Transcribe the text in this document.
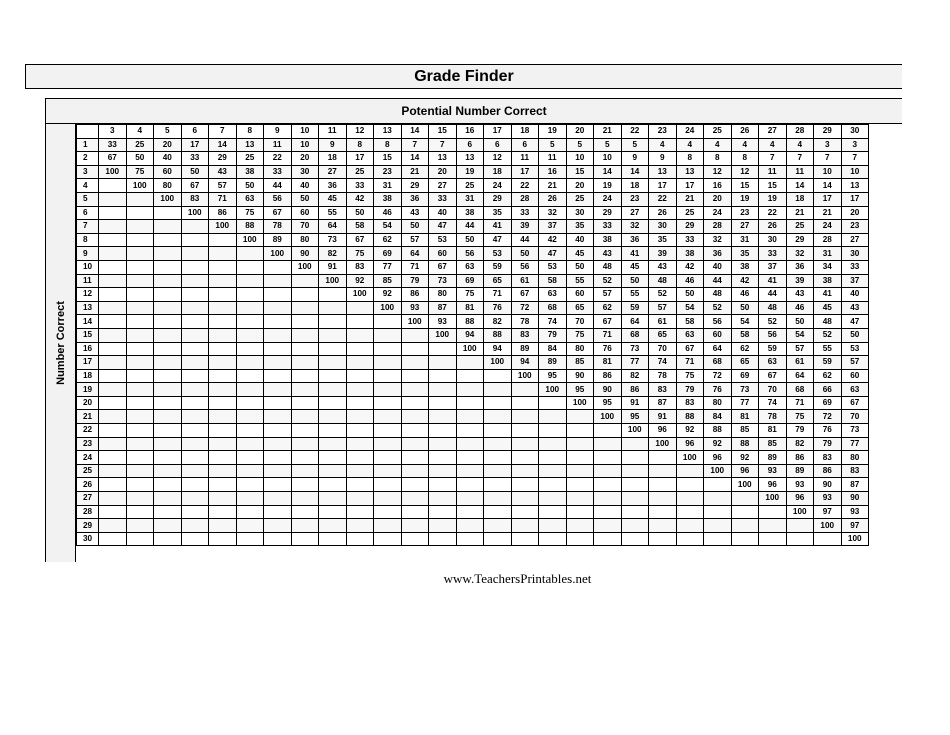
Grade Finder
Potential Number Correct
Number Correct
	3	4	5	6	7	8	9	10	11	12	13	14	15	16	17	18	19	20	21	22	23	24	25	26	27	28	29	30
1	33	25	20	17	14	13	11	10	9	8	8	7	7	6	6	6	5	5	5	5	4	4	4	4	4	4	3	3
2	67	50	40	33	29	25	22	20	18	17	15	14	13	13	12	11	11	10	10	9	9	8	8	8	7	7	7	7
3	100	75	60	50	43	38	33	30	27	25	23	21	20	19	18	17	16	15	14	14	13	13	12	12	11	11	10	10
4		100	80	67	57	50	44	40	36	33	31	29	27	25	24	22	21	20	19	18	17	17	16	15	15	14	14	13
5			100	83	71	63	56	50	45	42	38	36	33	31	29	28	26	25	24	23	22	21	20	19	19	18	17	17
6				100	86	75	67	60	55	50	46	43	40	38	35	33	32	30	29	27	26	25	24	23	22	21	21	20
7					100	88	78	70	64	58	54	50	47	44	41	39	37	35	33	32	30	29	28	27	26	25	24	23
8						100	89	80	73	67	62	57	53	50	47	44	42	40	38	36	35	33	32	31	30	29	28	27
9							100	90	82	75	69	64	60	56	53	50	47	45	43	41	39	38	36	35	33	32	31	30
10								100	91	83	77	71	67	63	59	56	53	50	48	45	43	42	40	38	37	36	34	33
11									100	92	85	79	73	69	65	61	58	55	52	50	48	46	44	42	41	39	38	37
12										100	92	86	80	75	71	67	63	60	57	55	52	50	48	46	44	43	41	40
13											100	93	87	81	76	72	68	65	62	59	57	54	52	50	48	46	45	43
14												100	93	88	82	78	74	70	67	64	61	58	56	54	52	50	48	47
15													100	94	88	83	79	75	71	68	65	63	60	58	56	54	52	50
16														100	94	89	84	80	76	73	70	67	64	62	59	57	55	53
17															100	94	89	85	81	77	74	71	68	65	63	61	59	57
18																100	95	90	86	82	78	75	72	69	67	64	62	60
19																	100	95	90	86	83	79	76	73	70	68	66	63
20																		100	95	91	87	83	80	77	74	71	69	67
21																			100	95	91	88	84	81	78	75	72	70
22																				100	96	92	88	85	81	79	76	73
23																					100	96	92	88	85	82	79	77
24																						100	96	92	89	86	83	80
25																							100	96	93	89	86	83
26																								100	96	93	90	87
27																									100	96	93	90
28																										100	97	93
29																											100	97
30																												100
www.TeachersPrintables.net
